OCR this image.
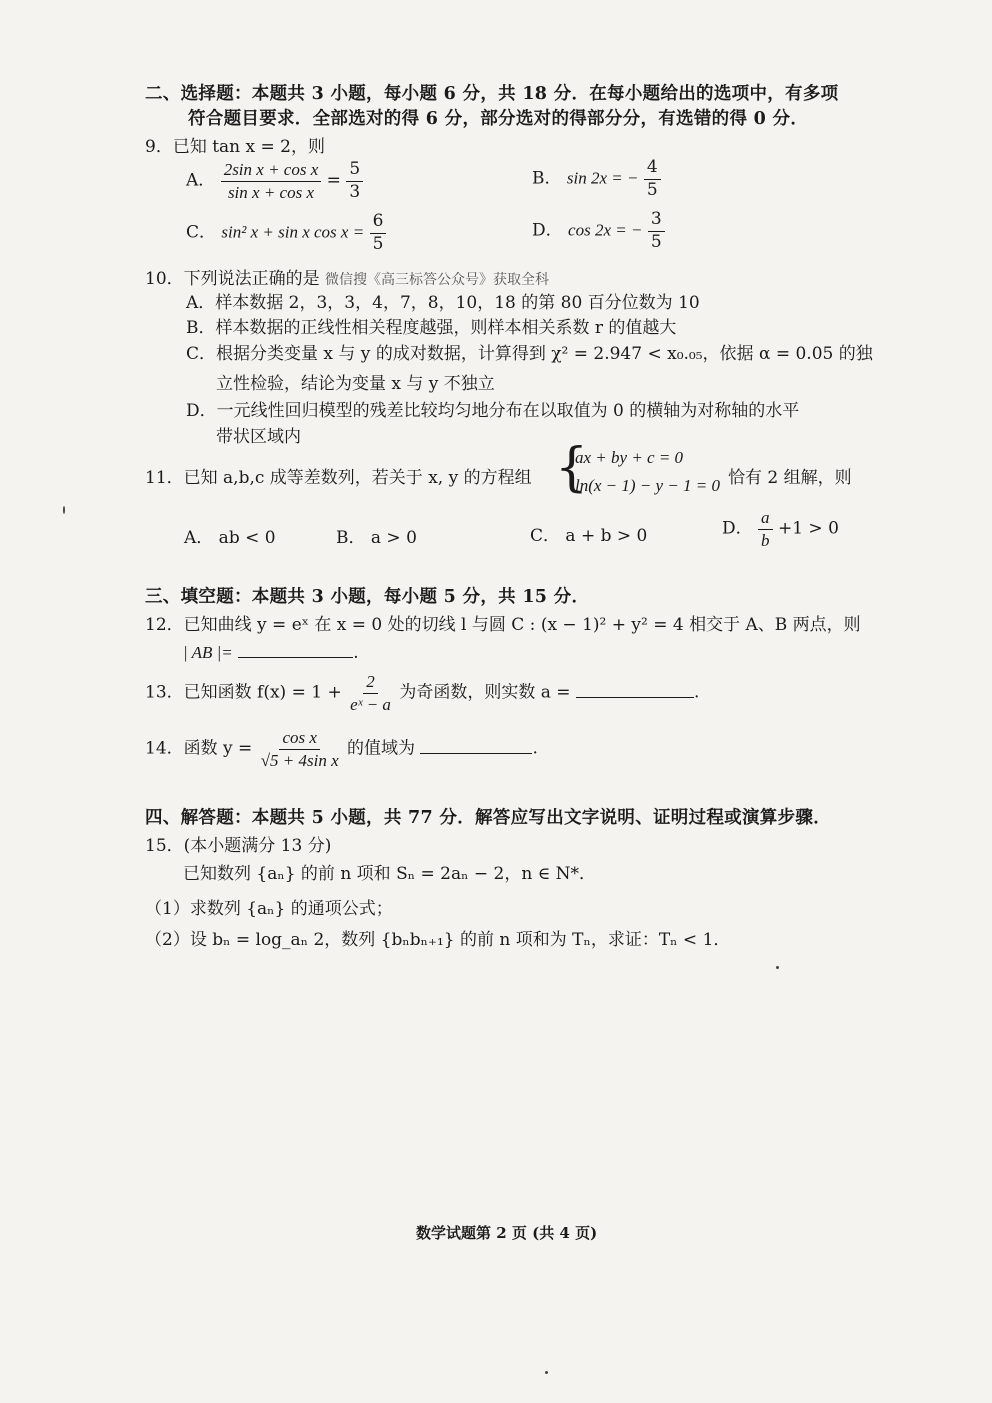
二、选择题：本题共 3 小题，每小题 6 分，共 18 分．在每小题给出的选项中，有多项
符合题目要求．全部选对的得 6 分，部分选对的得部分分，有选错的得 0 分．
9．已知 tan x = 2，则
A． $\frac{\text{2sin x + cos x}}{\text{sin x + cos x}} = \frac{5}{3}$	B． sin 2x = − $\frac{4}{5}$
C． sin² x + sin x $\cos x = \frac{6}{5}$	D． cos 2x = − $\frac{3}{5}$
10．下列说法正确的是 微信搜《高三标答公众号》获取全科
A．样本数据 2，3，3，4，7，8，10，18 的第 80 百分位数为 10
B．样本数据的正线性相关程度越强，则样本相关系数 r 的值越大
C．根据分类变量 x 与 y 的成对数据，计算得到 χ² = 2.947 < x₀.₀₅，依据 α = 0.05 的独
立性检验，结论为变量 x 与 y 不独立
D．一元线性回归模型的残差比较均匀地分布在以取值为 0 的横轴为对称轴的水平
带状区域内
11．已知 a,b,c 成等差数列，若关于 x, y 的方程组 {
ax + by + c = 0
ln(x − 1) − y − 1 = 0 恰有 2 组解，则
A． ab < 0	B． a > 0	C． a + b > 0	D． $\frac{a}{b} +1 > 0$
三、填空题：本题共 3 小题，每小题 5 分，共 15 分．
12．已知曲线 y = eˣ 在 x = 0 处的切线 l 与圆 C : (x − 1)² + y² = 4 相交于 A、B 两点，则
| AB |=	.
13．已知函数 $f(x) = 1 + \frac{2}{\text{eˣ − a}}$ 为奇函数，则实数 a =	.
14．函数 $y = \frac{\text{cos x}}{\text{√5 + 4sin x}}$ 的值域为	.
四、解答题：本题共 5 小题，共 77 分．解答应写出文字说明、证明过程或演算步骤．
15．(本小题满分 13 分)
已知数列 {aₙ} 的前 n 项和 Sₙ = 2aₙ − 2，n ∈ N*．
（1）求数列 {aₙ} 的通项公式；
（2）设 bₙ = log_aₙ 2，数列 {bₙbₙ₊₁} 的前 n 项和为 Tₙ，求证：Tₙ < 1．
数学试题第 2 页 (共 4 页)
